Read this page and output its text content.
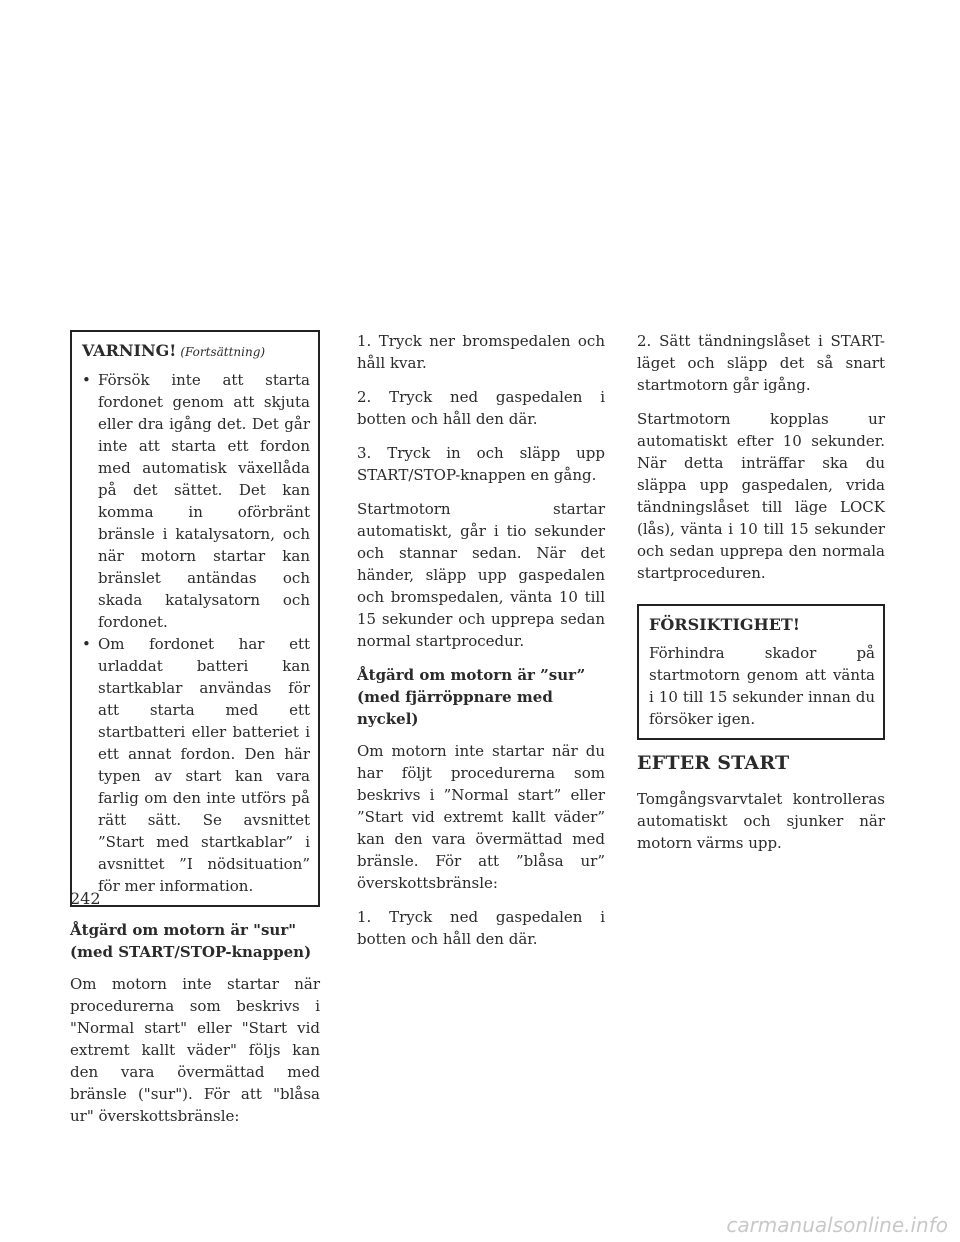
VARNING! (Fortsättning)
• Försök inte att starta fordonet genom att skjuta eller dra igång det. Det går inte att starta ett fordon med automatisk växellåda på det sättet. Det kan komma in oförbränt bränsle i katalysatorn, och när motorn startar kan bränslet antändas och skada katalysatorn och fordonet.
• Om fordonet har ett urladdat batteri kan startkablar användas för att starta med ett startbatteri eller batteriet i ett annat fordon. Den här typen av start kan vara farlig om den inte utförs på rätt sätt. Se avsnittet ”Start med startkablar” i avsnittet ”I nödsituation” för mer information.
Åtgärd om motorn är "sur" (med START/STOP-knappen)

Om motorn inte startar när procedurerna som beskrivs i "Normal start" eller "Start vid extremt kallt väder" följs kan den vara övermättad med bränsle ("sur"). För att "blåsa ur" överskottsbränsle:

1. Tryck ner bromspedalen och håll kvar.

2. Tryck ned gaspedalen i botten och håll den där.

3. Tryck in och släpp upp START/STOP-knappen en gång.

Startmotorn startar automatiskt, går i tio sekunder och stannar sedan. När det händer, släpp upp gaspedalen och bromspedalen, vänta 10 till 15 sekunder och upprepa sedan normal startprocedur.

Åtgärd om motorn är ”sur” (med fjärröppnare med nyckel)

Om motorn inte startar när du har följt procedurerna som beskrivs i ”Normal start” eller ”Start vid extremt kallt väder” kan den vara övermättad med bränsle. För att ”blåsa ur” överskottsbränsle:

1. Tryck ned gaspedalen i botten och håll den där.

2. Sätt tändningslåset i START-läget och släpp det så snart startmotorn går igång.

Startmotorn kopplas ur automatiskt efter 10 sekunder. När detta inträffar ska du släppa upp gaspedalen, vrida tändningslåset till läge LOCK (lås), vänta i 10 till 15 sekunder och sedan upprepa den normala startproceduren.

FÖRSIKTIGHET!

Förhindra skador på startmotorn genom att vänta i 10 till 15 sekunder innan du försöker igen.

EFTER START

Tomgångsvarvtalet kontrolleras automatiskt och sjunker när motorn värms upp.

242
carmanualsonline.info
